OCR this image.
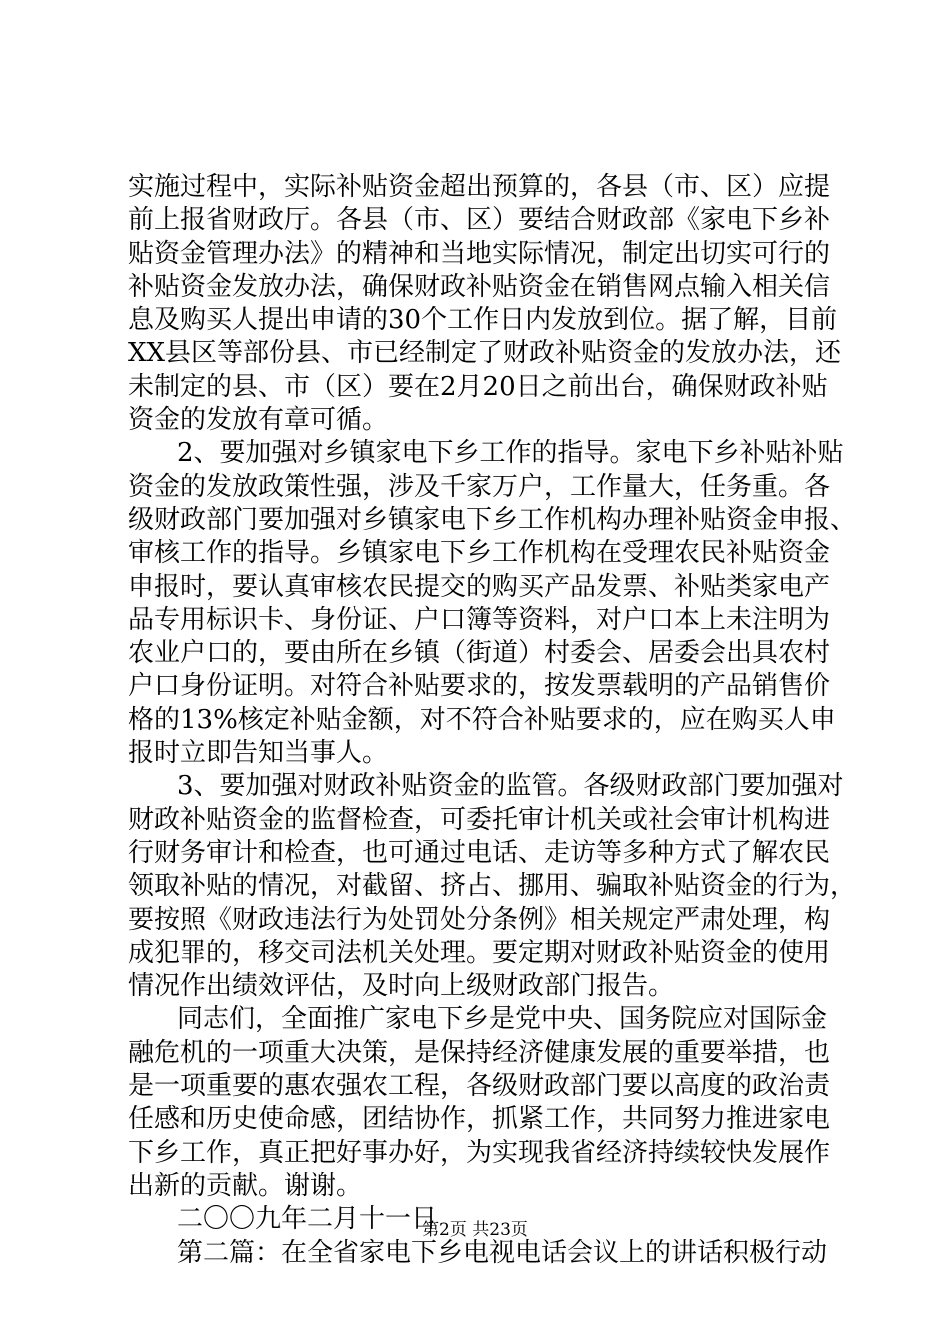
实施过程中，实际补贴资金超出预算的，各县（市、区）应提
前上报省财政厅。各县（市、区）要结合财政部《家电下乡补
贴资金管理办法》的精神和当地实际情况，制定出切实可行的
补贴资金发放办法，确保财政补贴资金在销售网点输入相关信
息及购买人提出申请的30个工作日内发放到位。据了解，目前
XX县区等部份县、市已经制定了财政补贴资金的发放办法，还
未制定的县、市（区）要在2月20日之前出台，确保财政补贴
资金的发放有章可循。
2、要加强对乡镇家电下乡工作的指导。家电下乡补贴补贴
资金的发放政策性强，涉及千家万户，工作量大，任务重。各
级财政部门要加强对乡镇家电下乡工作机构办理补贴资金申报、
审核工作的指导。乡镇家电下乡工作机构在受理农民补贴资金
申报时，要认真审核农民提交的购买产品发票、补贴类家电产
品专用标识卡、身份证、户口簿等资料，对户口本上未注明为
农业户口的，要由所在乡镇（街道）村委会、居委会出具农村
户口身份证明。对符合补贴要求的，按发票载明的产品销售价
格的13%核定补贴金额，对不符合补贴要求的，应在购买人申
报时立即告知当事人。
3、要加强对财政补贴资金的监管。各级财政部门要加强对
财政补贴资金的监督检查，可委托审计机关或社会审计机构进
行财务审计和检查，也可通过电话、走访等多种方式了解农民
领取补贴的情况，对截留、挤占、挪用、骗取补贴资金的行为，
要按照《财政违法行为处罚处分条例》相关规定严肃处理，构
成犯罪的，移交司法机关处理。要定期对财政补贴资金的使用
情况作出绩效评估，及时向上级财政部门报告。
同志们，全面推广家电下乡是党中央、国务院应对国际金
融危机的一项重大决策，是保持经济健康发展的重要举措，也
是一项重要的惠农强农工程，各级财政部门要以高度的政治责
任感和历史使命感，团结协作，抓紧工作，共同努力推进家电
下乡工作，真正把好事办好，为实现我省经济持续较快发展作
出新的贡献。谢谢。
二〇〇九年二月十一日
第二篇：在全省家电下乡电视电话会议上的讲话积极行动
第2页 共23页
